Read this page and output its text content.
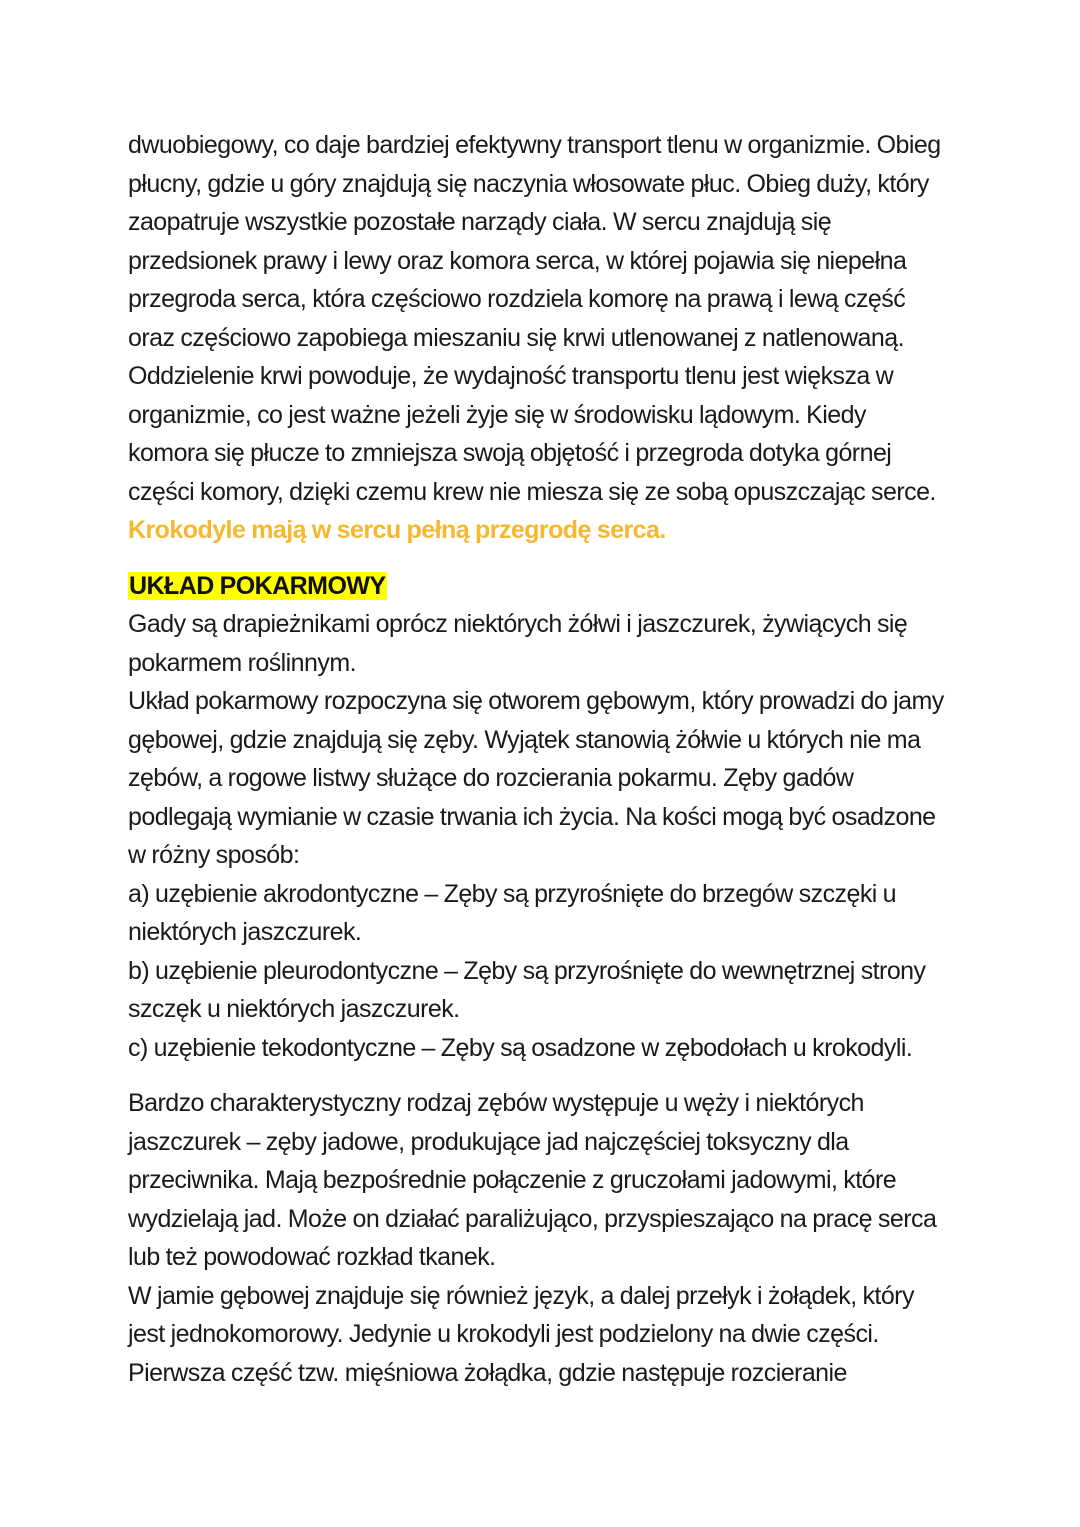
dwuobiegowy, co daje bardziej efektywny transport tlenu w organizmie. Obieg
płucny, gdzie u góry znajdują się naczynia włosowate płuc. Obieg duży, który
zaopatruje wszystkie pozostałe narządy ciała. W sercu znajdują się
przedsionek prawy i lewy oraz komora serca, w której pojawia się niepełna
przegroda serca, która częściowo rozdziela komorę na prawą i lewą część
oraz częściowo zapobiega mieszaniu się krwi utlenowanej z natlenowaną.
Oddzielenie krwi powoduje, że wydajność transportu tlenu jest większa w
organizmie, co jest ważne jeżeli żyje się w środowisku lądowym. Kiedy
komora się płucze to zmniejsza swoją objętość i przegroda dotyka górnej
części komory, dzięki czemu krew nie miesza się ze sobą opuszczając serce.
Krokodyle mają w sercu pełną przegrodę serca.
UKŁAD POKARMOWY
Gady są drapieżnikami oprócz niektórych żółwi i jaszczurek, żywiących się
pokarmem roślinnym.
Układ pokarmowy rozpoczyna się otworem gębowym, który prowadzi do jamy
gębowej, gdzie znajdują się zęby. Wyjątek stanowią żółwie u których nie ma
zębów, a rogowe listwy służące do rozcierania pokarmu. Zęby gadów
podlegają wymianie w czasie trwania ich życia. Na kości mogą być osadzone
w różny sposób:
a) uzębienie akrodontyczne – Zęby są przyrośnięte do brzegów szczęki u
niektórych jaszczurek.
b) uzębienie pleurodontyczne – Zęby są przyrośnięte do wewnętrznej strony
szczęk u niektórych jaszczurek.
c) uzębienie tekodontyczne – Zęby są osadzone w zębodołach u krokodyli.
Bardzo charakterystyczny rodzaj zębów występuje u węży i niektórych
jaszczurek – zęby jadowe, produkujące jad najczęściej toksyczny dla
przeciwnika. Mają bezpośrednie połączenie z gruczołami jadowymi, które
wydzielają jad. Może on działać paraliżująco, przyspieszająco na pracę serca
lub też powodować rozkład tkanek.
W jamie gębowej znajduje się również język, a dalej przełyk i żołądek, który
jest jednokomorowy. Jedynie u krokodyli jest podzielony na dwie części.
Pierwsza część tzw. mięśniowa żołądka, gdzie następuje rozcieranie
